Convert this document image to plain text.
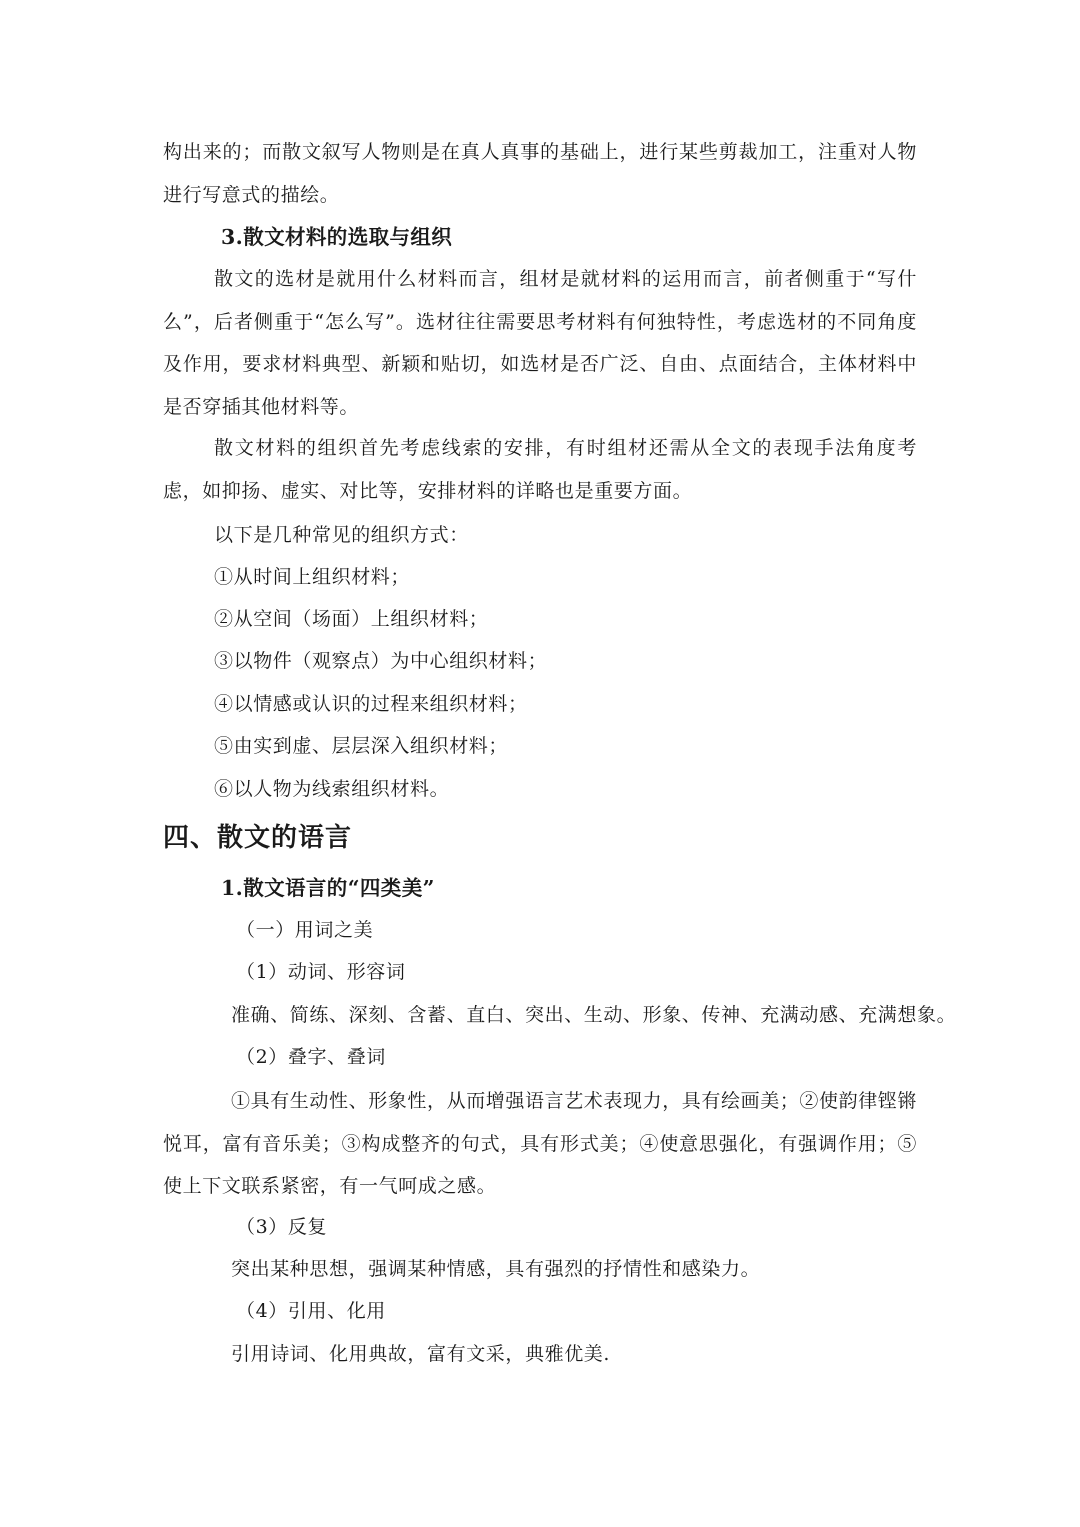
构出来的；而散文叙写人物则是在真人真事的基础上，进行某些剪裁加工，注重对人物进行写意式的描绘。
3.散文材料的选取与组织
散文的选材是就用什么材料而言，组材是就材料的运用而言，前者侧重于“写什么”，后者侧重于“怎么写”。选材往往需要思考材料有何独特性，考虑选材的不同角度及作用，要求材料典型、新颖和贴切，如选材是否广泛、自由、点面结合，主体材料中是否穿插其他材料等。
散文材料的组织首先考虑线索的安排，有时组材还需从全文的表现手法角度考虑，如抑扬、虚实、对比等，安排材料的详略也是重要方面。
以下是几种常见的组织方式：
①从时间上组织材料；
②从空间（场面）上组织材料；
③以物件（观察点）为中心组织材料；
④以情感或认识的过程来组织材料；
⑤由实到虚、层层深入组织材料；
⑥以人物为线索组织材料。
四、散文的语言
1.散文语言的“四类美”
（一）用词之美
（1）动词、形容词
准确、简练、深刻、含蓄、直白、突出、生动、形象、传神、充满动感、充满想象。
（2）叠字、叠词
①具有生动性、形象性，从而增强语言艺术表现力，具有绘画美；②使韵律铿锵悦耳，富有音乐美；③构成整齐的句式，具有形式美；④使意思强化，有强调作用；⑤使上下文联系紧密，有一气呵成之感。
（3）反复
突出某种思想，强调某种情感，具有强烈的抒情性和感染力。
（4）引用、化用
引用诗词、化用典故，富有文采，典雅优美.
